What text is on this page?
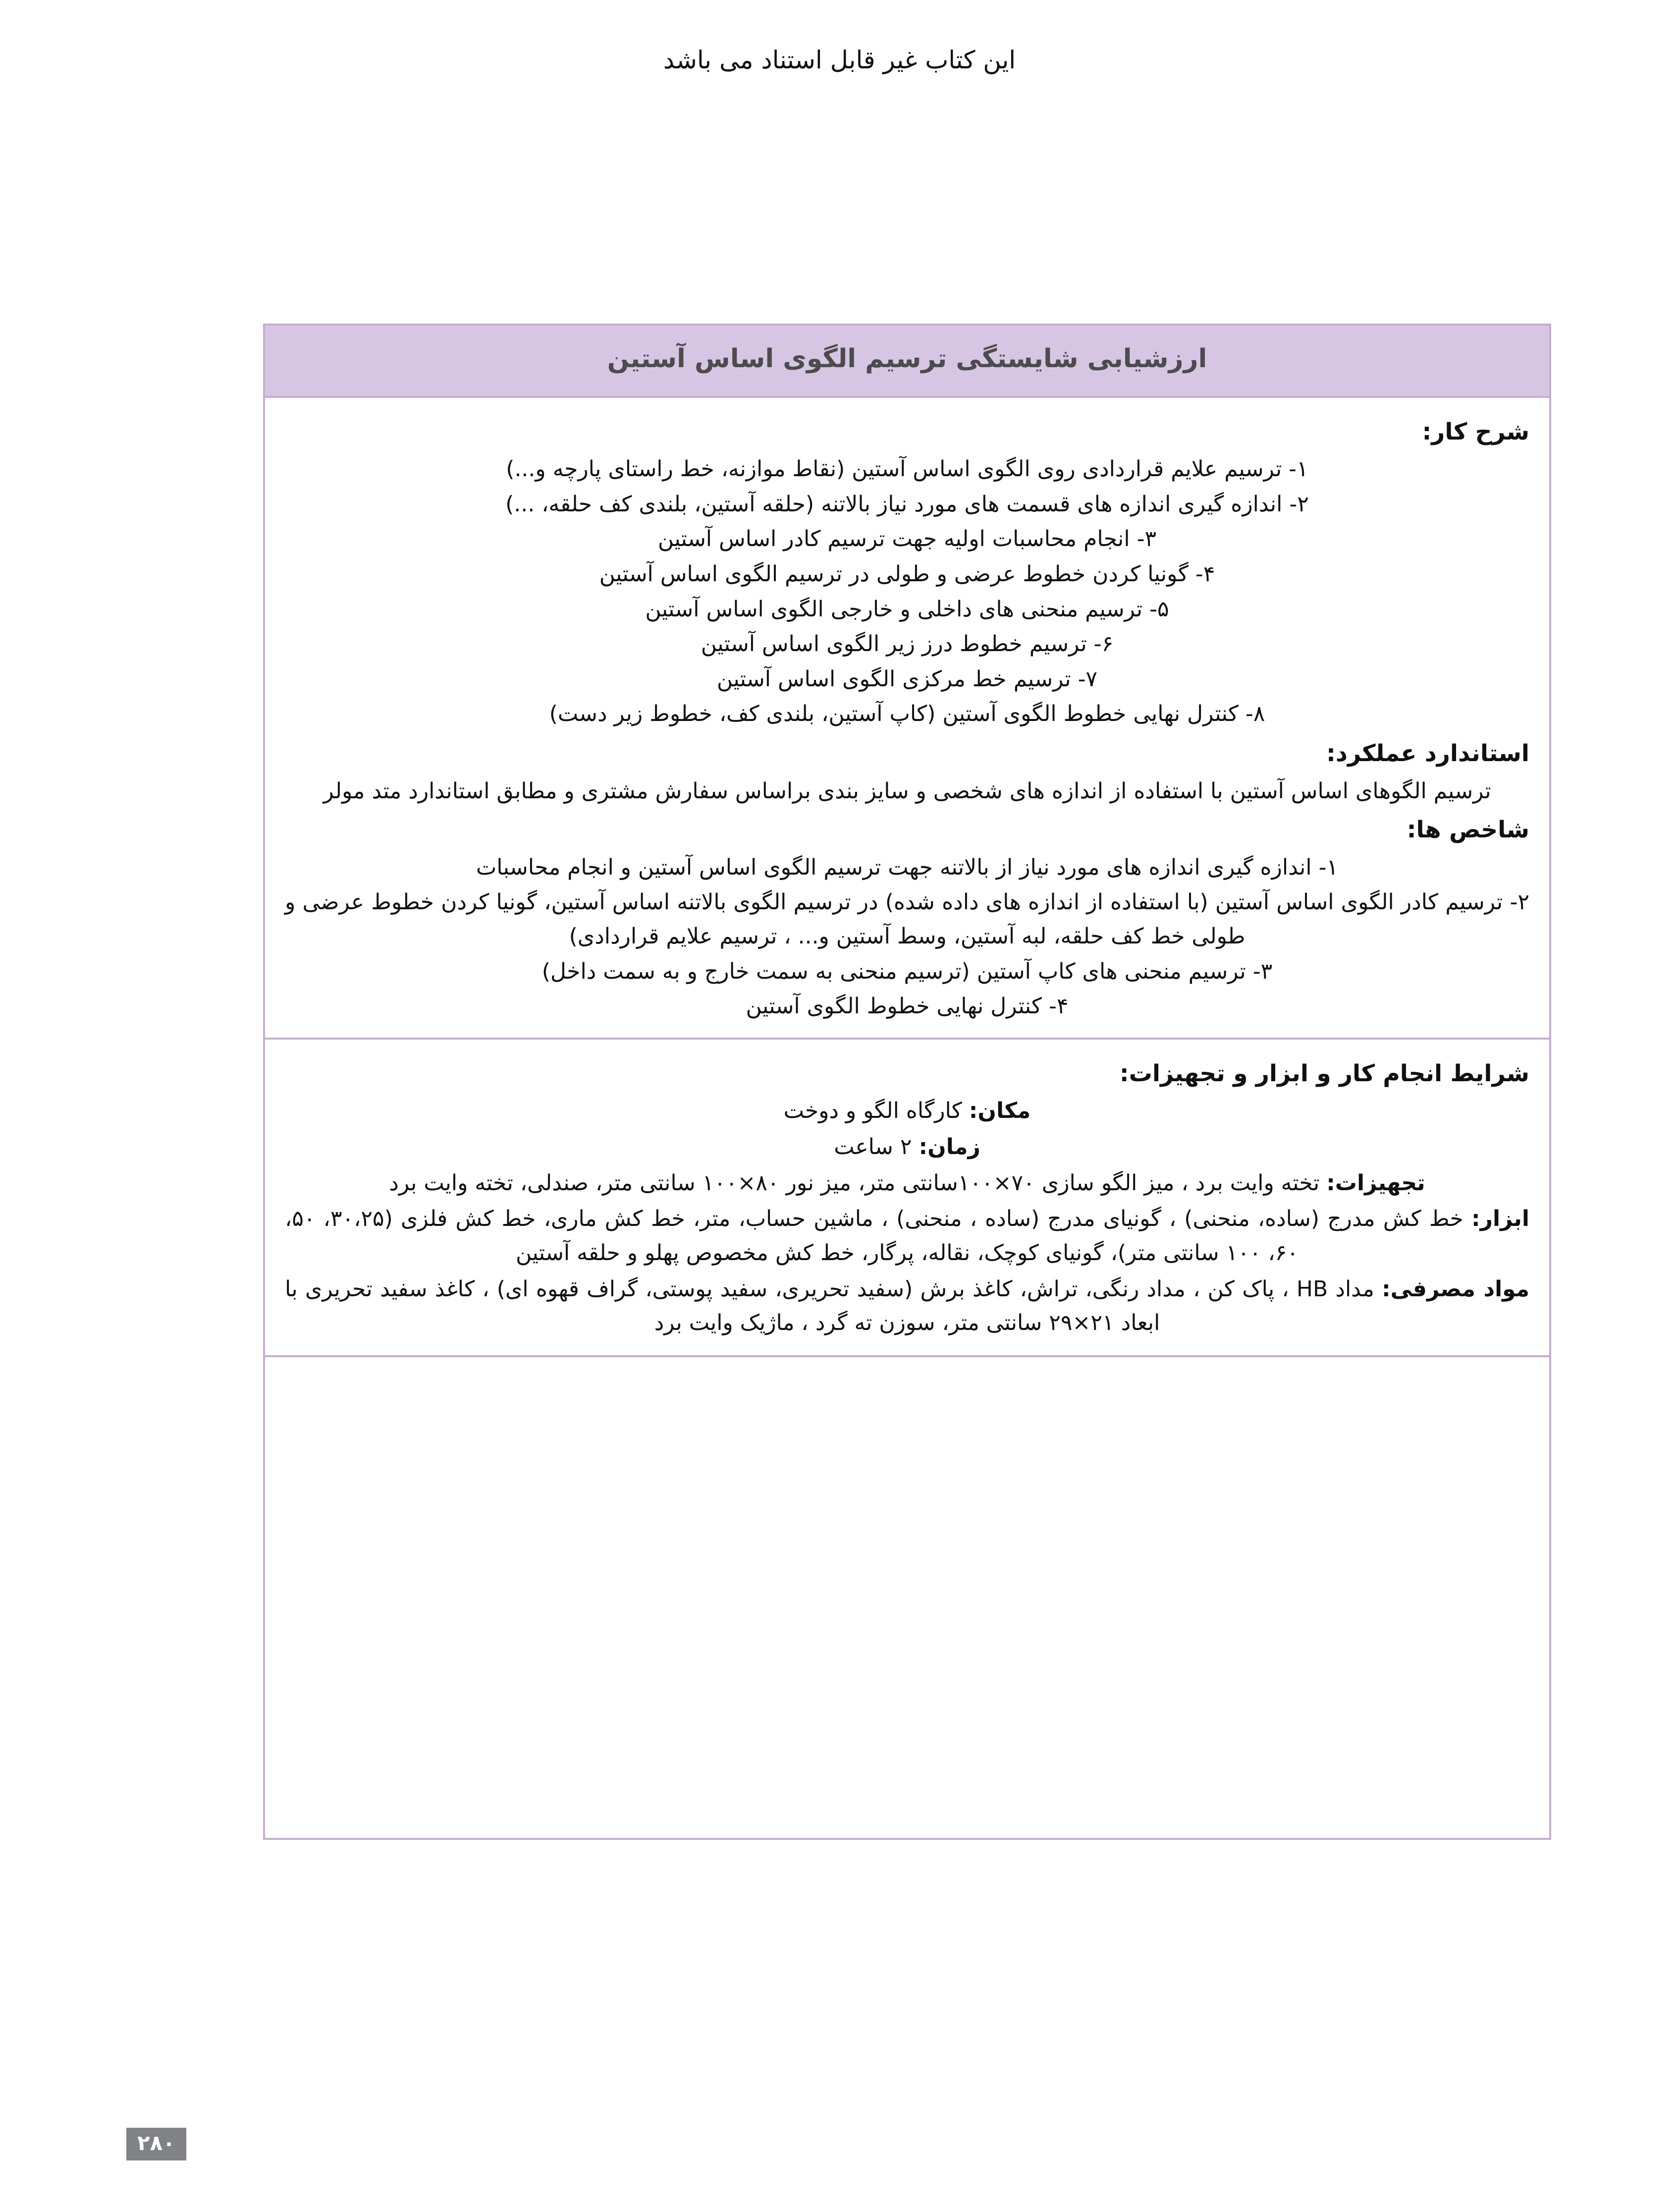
این کتاب غیر قابل استناد می باشد
ارزشیابی شایستگی ترسیم الگوی اساس آستین
شرح کار:
۱- ترسیم علایم قراردادی روی الگوی اساس آستین (نقاط موازنه، خط راستای پارچه و...)
۲- اندازه گیری اندازه های قسمت های مورد نیاز بالاتنه (حلقه آستین، بلندی کف حلقه، ...)
۳- انجام محاسبات اولیه جهت ترسیم کادر اساس آستین
۴- گونیا کردن خطوط عرضی و طولی در ترسیم الگوی اساس آستین
۵- ترسیم منحنی های داخلی و خارجی الگوی اساس آستین
۶- ترسیم خطوط درز زیر الگوی اساس آستین
۷- ترسیم خط مرکزی الگوی اساس آستین
۸- کنترل نهایی خطوط الگوی آستین (کاپ آستین، بلندی کف، خطوط زیر دست)
استاندارد عملکرد:

ترسیم الگوهای اساس آستین با استفاده از اندازه های شخصی و سایز بندی براساس سفارش مشتری و مطابق استاندارد متد مولر

شاخص ها:
۱- اندازه گیری اندازه های مورد نیاز از بالاتنه جهت ترسیم الگوی اساس آستین و انجام محاسبات
۲- ترسیم کادر الگوی اساس آستین (با استفاده از اندازه های داده شده) در ترسیم الگوی بالاتنه اساس آستین، گونیا کردن خطوط عرضی و طولی خط کف حلقه، لبه آستین، وسط آستین و... ، ترسیم علایم قراردادی)
۳- ترسیم منحنی های کاپ آستین (ترسیم منحنی به سمت خارج و به سمت داخل)
۴- کنترل نهایی خطوط الگوی آستین
شرایط انجام کار و ابزار و تجهیزات:

مکان: کارگاه الگو و دوخت

زمان: ۲ ساعت

تجهیزات: تخته وایت برد ، میز الگو سازی ۷۰×۱۰۰سانتی متر، میز نور ۸۰×۱۰۰ سانتی متر، صندلی، تخته وایت برد

ابزار: خط کش مدرج (ساده، منحنی) ، گونیای مدرج (ساده ، منحنی) ، ماشین حساب، متر، خط کش ماری، خط کش فلزی (۳۰،۲۵، ۵۰، ۶۰، ۱۰۰ سانتی متر)، گونیای کوچک، نقاله، پرگار، خط کش مخصوص پهلو و حلقه آستین

مواد مصرفی: مداد HB ، پاک کن ، مداد رنگی، تراش، کاغذ برش (سفید تحریری، سفید پوستی، گراف قهوه ای) ، کاغذ سفید تحریری با ابعاد ۲۱×۲۹ سانتی متر، سوزن ته گرد ، ماژیک وایت برد

۲۸۰
